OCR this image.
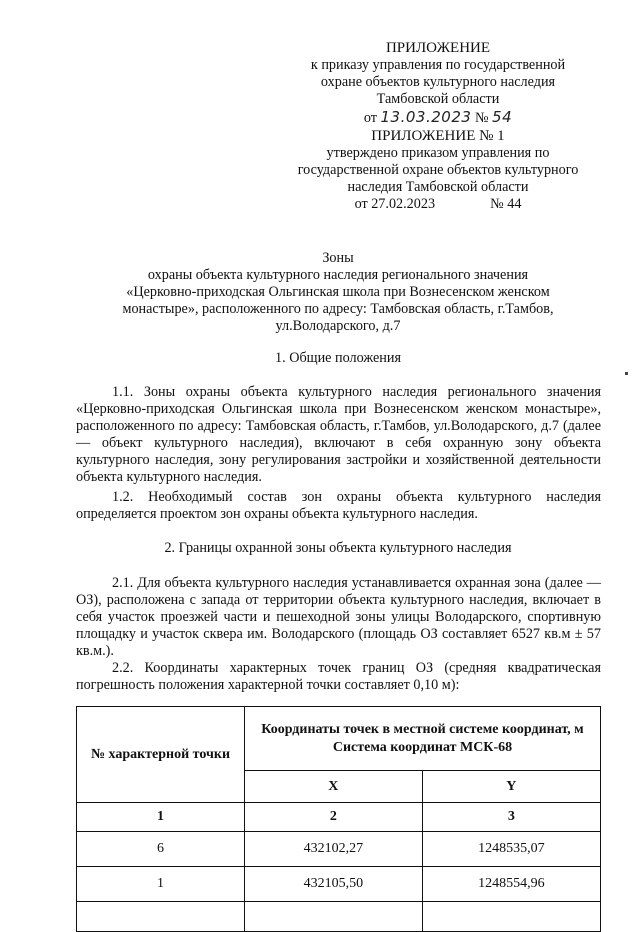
ПРИЛОЖЕНИЕ
к приказу управления по государственной
охране объектов культурного наследия
Тамбовской области
от 13.03.2023 № 54
ПРИЛОЖЕНИЕ № 1
утверждено приказом управления по
государственной охране объектов культурного
наследия Тамбовской области
от 27.02.2023	№ 44
Зоны
охраны объекта культурного наследия регионального значения
«Церковно-приходская Ольгинская школа при Вознесенском женском
монастыре», расположенного по адресу: Тамбовская область, г.Тамбов,
ул.Володарского, д.7
1. Общие положения
1.1. Зоны охраны объекта культурного наследия регионального значения «Церковно-приходская Ольгинская школа при Вознесенском женском монастыре», расположенного по адресу: Тамбовская область, г.Тамбов, ул.Володарского, д.7 (далее — объект культурного наследия), включают в себя охранную зону объекта культурного наследия, зону регулирования застройки и хозяйственной деятельности объекта культурного наследия.
1.2. Необходимый состав зон охраны объекта культурного наследия определяется проектом зон охраны объекта культурного наследия.
2. Границы охранной зоны объекта культурного наследия
2.1. Для объекта культурного наследия устанавливается охранная зона (далее — ОЗ), расположена с запада от территории объекта культурного наследия, включает в себя участок проезжей части и пешеходной зоны улицы Володарского, спортивную площадку и участок сквера им. Володарского (площадь ОЗ составляет 6527 кв.м ± 57 кв.м.).
2.2. Координаты характерных точек границ ОЗ (средняя квадратическая погрешность положения характерной точки составляет 0,10 м):
№ характерной точки	Координаты точек в местной системе координат, м
Система координат МСК-68	
	X	Y
1	2	3
6	432102,27	1248535,07
1	432105,50	1248554,96
